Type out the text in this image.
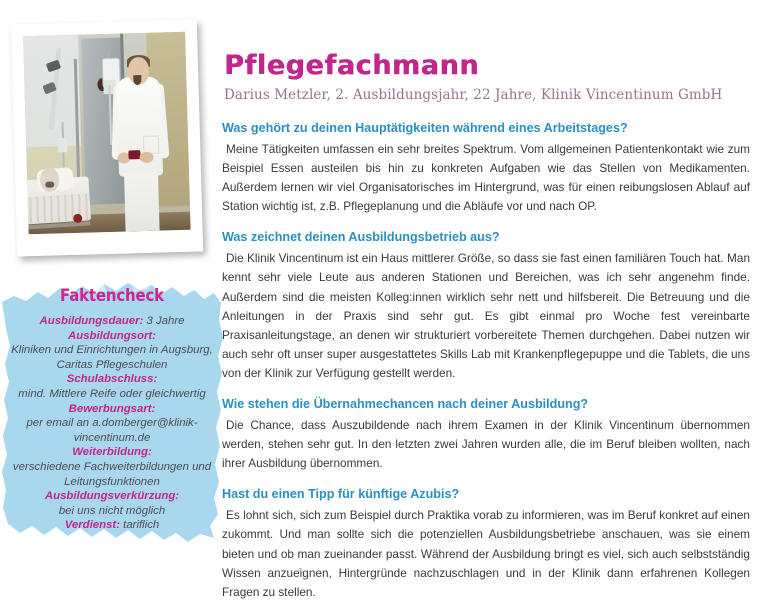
Faktencheck

Ausbildungsdauer: 3 Jahre

Ausbildungsort:

Kliniken und Einrichtungen in Augsburg, Caritas Pflegeschulen

Schulabschluss:

mind. Mittlere Reife oder gleichwertig

Bewerbungsart:

per email an a.domberger@klinik-vincentinum.de

Weiterbildung:

verschiedene Fachweiterbildungen und Leitungsfunktionen

Ausbildungsverkürzung:

bei uns nicht möglich

Verdienst: tariflich

Pflegefachmann
Darius Metzler, 2. Ausbildungsjahr, 22 Jahre, Klinik Vincentinum GmbH

Was gehört zu deinen Hauptätigkeiten während eines Arbeitstages?

Meine Tätigkeiten umfassen ein sehr breites Spektrum. Vom allgemeinen Patientenkontakt wie zum Beispiel Essen austeilen bis hin zu konkreten Aufgaben wie das Stellen von Medikamenten. Außerdem lernen wir viel Organisatorisches im Hintergrund, was für einen reibungslosen Ablauf auf Station wichtig ist, z.B. Pflegeplanung und die Abläufe vor und nach OP.

Was zeichnet deinen Ausbildungsbetrieb aus?

Die Klinik Vincentinum ist ein Haus mittlerer Größe, so dass sie fast einen familiären Touch hat. Man kennt sehr viele Leute aus anderen Stationen und Bereichen, was ich sehr angenehm finde. Außerdem sind die meisten Kolleg:innen wirklich sehr nett und hilfsbereit. Die Betreuung und die Anleitungen in der Praxis sind sehr gut. Es gibt einmal pro Woche fest vereinbarte Praxisanleitungstage, an denen wir strukturiert vorbereitete Themen durchgehen. Dabei nutzen wir auch sehr oft unser super ausgestattetes Skills Lab mit Krankenpflegepuppe und die Tablets, die uns von der Klinik zur Verfügung gestellt werden.

Wie stehen die Übernahmechancen nach deiner Ausbildung?

Die Chance, dass Auszubildende nach ihrem Examen in der Klinik Vincentinum übernommen werden, stehen sehr gut. In den letzten zwei Jahren wurden alle, die im Beruf bleiben wollten, nach ihrer Ausbildung übernommen.

Hast du einen Tipp für künftige Azubis?

Es lohnt sich, sich zum Beispiel durch Praktika vorab zu informieren, was im Beruf konkret auf einen zukommt. Und man sollte sich die potenziellen Ausbildungsbetriebe anschauen, was sie einem bieten und ob man zueinander passt. Während der Ausbildung bringt es viel, sich auch selbstständig Wissen anzueignen, Hintergründe nachzuschlagen und in der Klinik dann erfahrenen Kollegen Fragen zu stellen.
